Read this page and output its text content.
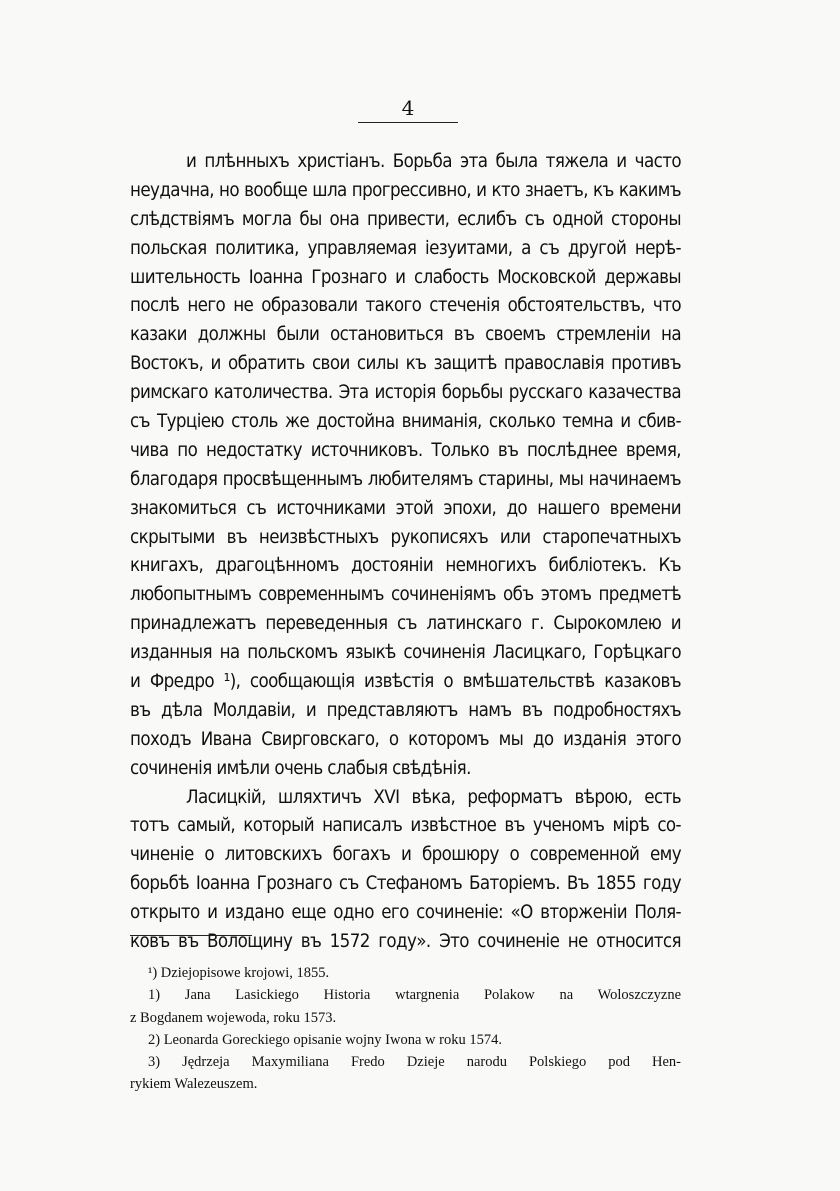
4
и плѣнныхъ христіанъ. Борьба эта была тяжела и часто
неудачна, но вообще шла прогрессивно, и кто знаетъ, къ какимъ
слѣдствіямъ могла бы она привести, еслибъ съ одной стороны
польская политика, управляемая іезуитами, а съ другой нерѣ-
шительность Іоанна Грознаго и слабость Московской державы
послѣ него не образовали такого стеченія обстоятельствъ, что
казаки должны были остановиться въ своемъ стремленіи на
Востокъ, и обратить свои силы къ защитѣ православія противъ
римскаго католичества. Эта исторія борьбы русскаго казачества
съ Турціею столь же достойна вниманія, сколько темна и сбив-
чива по недостатку источниковъ. Только въ послѣднее время,
благодаря просвѣщеннымъ любителямъ старины, мы начинаемъ
знакомиться съ источниками этой эпохи, до нашего времени
скрытыми въ неизвѣстныхъ рукописяхъ или старопечатныхъ
книгахъ, драгоцѣнномъ достояніи немногихъ библіотекъ. Къ
любопытнымъ современнымъ сочиненіямъ объ этомъ предметѣ
принадлежатъ переведенныя съ латинскаго г. Сырокомлею и
изданныя на польскомъ языкѣ сочиненія Ласицкаго, Горѣцкаго
и Фредро ¹), сообщающія извѣстія о вмѣшательствѣ казаковъ
въ дѣла Молдавіи, и представляютъ намъ въ подробностяхъ
походъ Ивана Свирговскаго, о которомъ мы до изданія этого
сочиненія имѣли очень слабыя свѣдѣнія.
Ласицкій, шляхтичъ XVI вѣка, реформатъ вѣрою, есть
тотъ самый, который написалъ извѣстное въ ученомъ мірѣ со-
чиненіе о литовскихъ богахъ и брошюру о современной ему
борьбѣ Іоанна Грознаго съ Стефаномъ Баторіемъ. Въ 1855 году
открыто и издано еще одно его сочиненіе: «О вторженіи Поля-
ковъ въ Волощину въ 1572 году». Это сочиненіе не относится
¹) Dziejopisowe krojowi, 1855.
1) Jana Lasickiego Historia wtargnenia Polakow na Woloszczyzne
z Bogdanem wojewoda, roku 1573.
2) Leonarda Goreckiego opisanie wojny Iwona w roku 1574.
3) Jędrzeja Maxymiliana Fredo Dzieje narodu Polskiego pod Hen-
rykiem Walezeuszem.
